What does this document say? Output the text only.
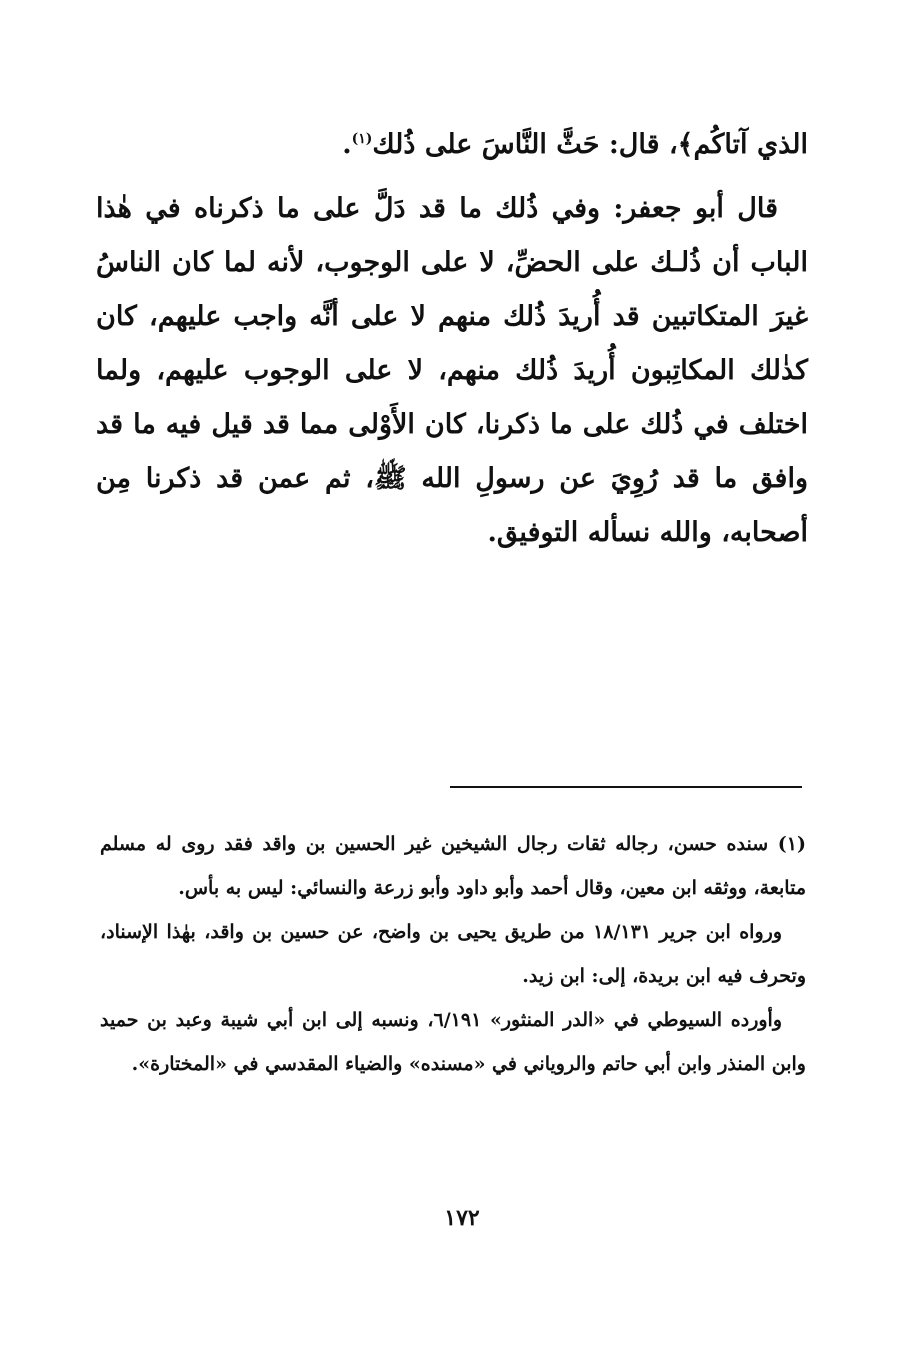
الذي آتاكُم﴾، قال: حَثَّ النَّاسَ على ذُلك$^{(١)}$.

قال أبو جعفر: وفي ذُلك ما قد دَلَّ على ما ذكرناه في هٰذا الباب أن ذُلـك على الحضِّ، لا على الوجوب، لأنه لما كان الناسُ غيرَ المتكاتبين قد أُريدَ ذُلك منهم لا على أنَّه واجب عليهم، كان كذٰلك المكاتِبون أُريدَ ذُلك منهم، لا على الوجوب عليهم، ولما اختلف في ذُلك على ما ذكرنا، كان الأَوْلى مما قد قيل فيه ما قد وافق ما قد رُوِيَ عن رسولِ الله ﷺ، ثم عمن قد ذكرنا مِن أصحابه، والله نسأله التوفيق.

(١) سنده حسن، رجاله ثقات رجال الشيخين غير الحسين بن واقد فقد روى له مسلم متابعة، ووثقه ابن معين، وقال أحمد وأبو داود وأبو زرعة والنسائي: ليس به بأس.

ورواه ابن جرير ١٨/١٣١ من طريق يحيى بن واضح، عن حسين بن واقد، بهٰذا الإسناد، وتحرف فيه ابن بريدة، إلى: ابن زيد.

وأورده السيوطي في «الدر المنثور» ٦/١٩١، ونسبه إلى ابن أبي شيبة وعبد بن حميد وابن المنذر وابن أبي حاتم والروياني في «مسنده» والضياء المقدسي في «المختارة».

١٧٢
